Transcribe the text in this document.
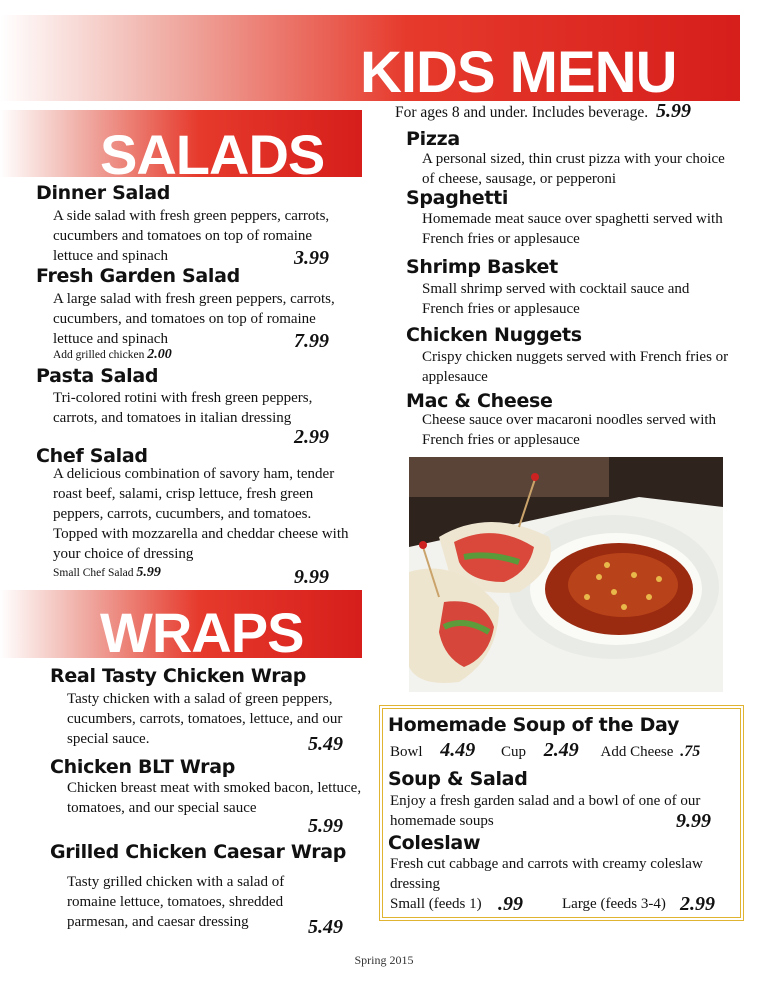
KIDS MENU
For ages 8 and under. Includes beverage. 5.99
Pizza
A personal sized, thin crust pizza with your choice of cheese, sausage, or pepperoni
Spaghetti
Homemade meat sauce over spaghetti served with French fries or applesauce
Shrimp Basket
Small shrimp served with cocktail sauce and French fries or applesauce
Chicken Nuggets
Crispy chicken nuggets served with French fries or applesauce
Mac & Cheese
Cheese sauce over macaroni noodles served with French fries or applesauce
SALADS
Dinner Salad
A side salad with fresh green peppers, carrots, cucumbers and tomatoes on top of romaine lettuce and spinach	3.99
Fresh Garden Salad
A large salad with fresh green peppers, carrots, cucumbers, and tomatoes on top of romaine lettuce and spinach	7.99
Add grilled chicken 2.00
Pasta Salad
Tri-colored rotini with fresh green peppers, carrots, and tomatoes in italian dressing
2.99
Chef Salad
A delicious combination of savory ham, tender roast beef, salami, crisp lettuce, fresh green peppers, carrots, cucumbers, and tomatoes. Topped with mozzarella and cheddar cheese with your choice of dressing
Small Chef Salad 5.99	9.99
WRAPS
Real Tasty Chicken Wrap
Tasty chicken with a salad of green peppers, cucumbers, carrots, tomatoes, lettuce, and our special sauce.	5.49
Chicken BLT Wrap
Chicken breast meat with smoked bacon, lettuce, tomatoes, and our special sauce
5.99
Grilled Chicken Caesar Wrap
Tasty grilled chicken with a salad of romaine lettuce, tomatoes, shredded parmesan, and caesar dressing	5.49
Homemade Soup of the Day
Bowl 4.49 Cup 2.49 Add Cheese .75
Soup & Salad
Enjoy a fresh garden salad and a bowl of one of our homemade soups	9.99
Coleslaw
Fresh cut cabbage and carrots with creamy coleslaw dressing
Small (feeds 1) .99	Large (feeds 3-4) 2.99
Spring 2015
